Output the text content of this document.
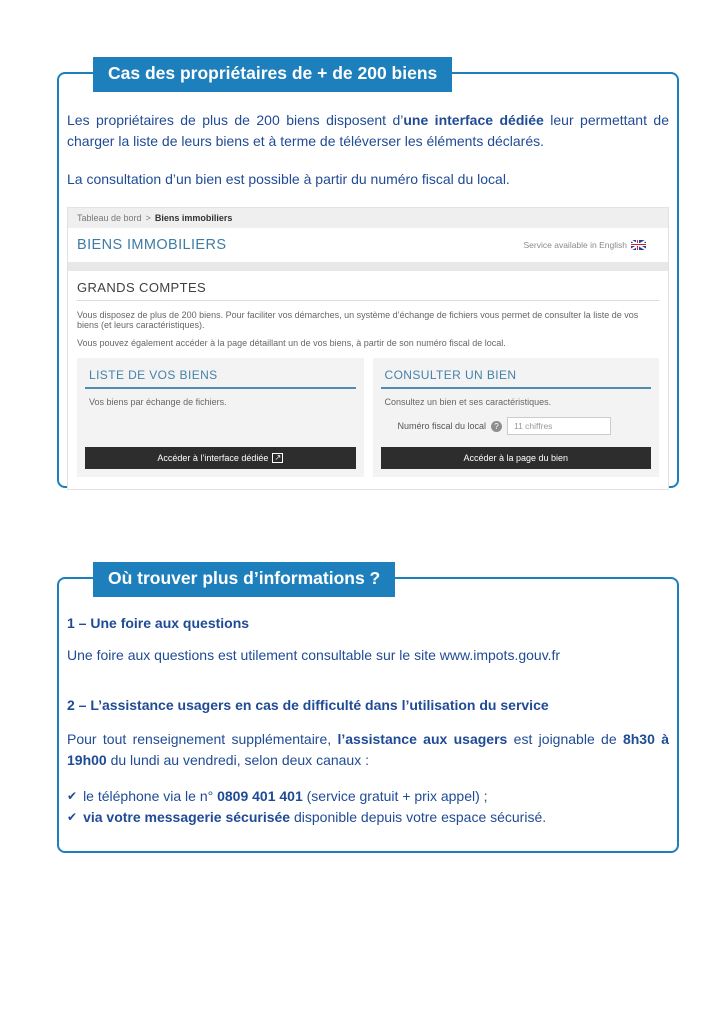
Cas des propriétaires de + de 200 biens

Les propriétaires de plus de 200 biens disposent d’une interface dédiée leur permettant de charger la liste de leurs biens et à terme de téléverser les éléments déclarés.

La consultation d’un bien est possible à partir du numéro fiscal du local.

Tableau de bord > Biens immobiliers
BIENS IMMOBILIERS	Service available in English
GRANDS COMPTES

Vous disposez de plus de 200 biens. Pour faciliter vos démarches, un système d’échange de fichiers vous permet de consulter la liste de vos biens (et leurs caractéristiques).

Vous pouvez également accéder à la page détaillant un de vos biens, à partir de son numéro fiscal de local.

LISTE DE VOS BIENS

Vos biens par échange de fichiers.

Accéder à l’interface dédiée ↗
CONSULTER UN BIEN

Consultez un bien et ses caractéristiques.

Numéro fiscal du local	?
11 chiffres
Accéder à la page du bien
Où trouver plus d’informations ?

1 – Une foire aux questions

Une foire aux questions est utilement consultable sur le site www.impots.gouv.fr

2 – L’assistance usagers en cas de difficulté dans l’utilisation du service

Pour tout renseignement supplémentaire, l’assistance aux usagers est joignable de 8h30 à 19h00 du lundi au vendredi, selon deux canaux :

✔ le téléphone via le n° 0809 401 401 (service gratuit + prix appel) ;
✔ via votre messagerie sécurisée disponible depuis votre espace sécurisé.
